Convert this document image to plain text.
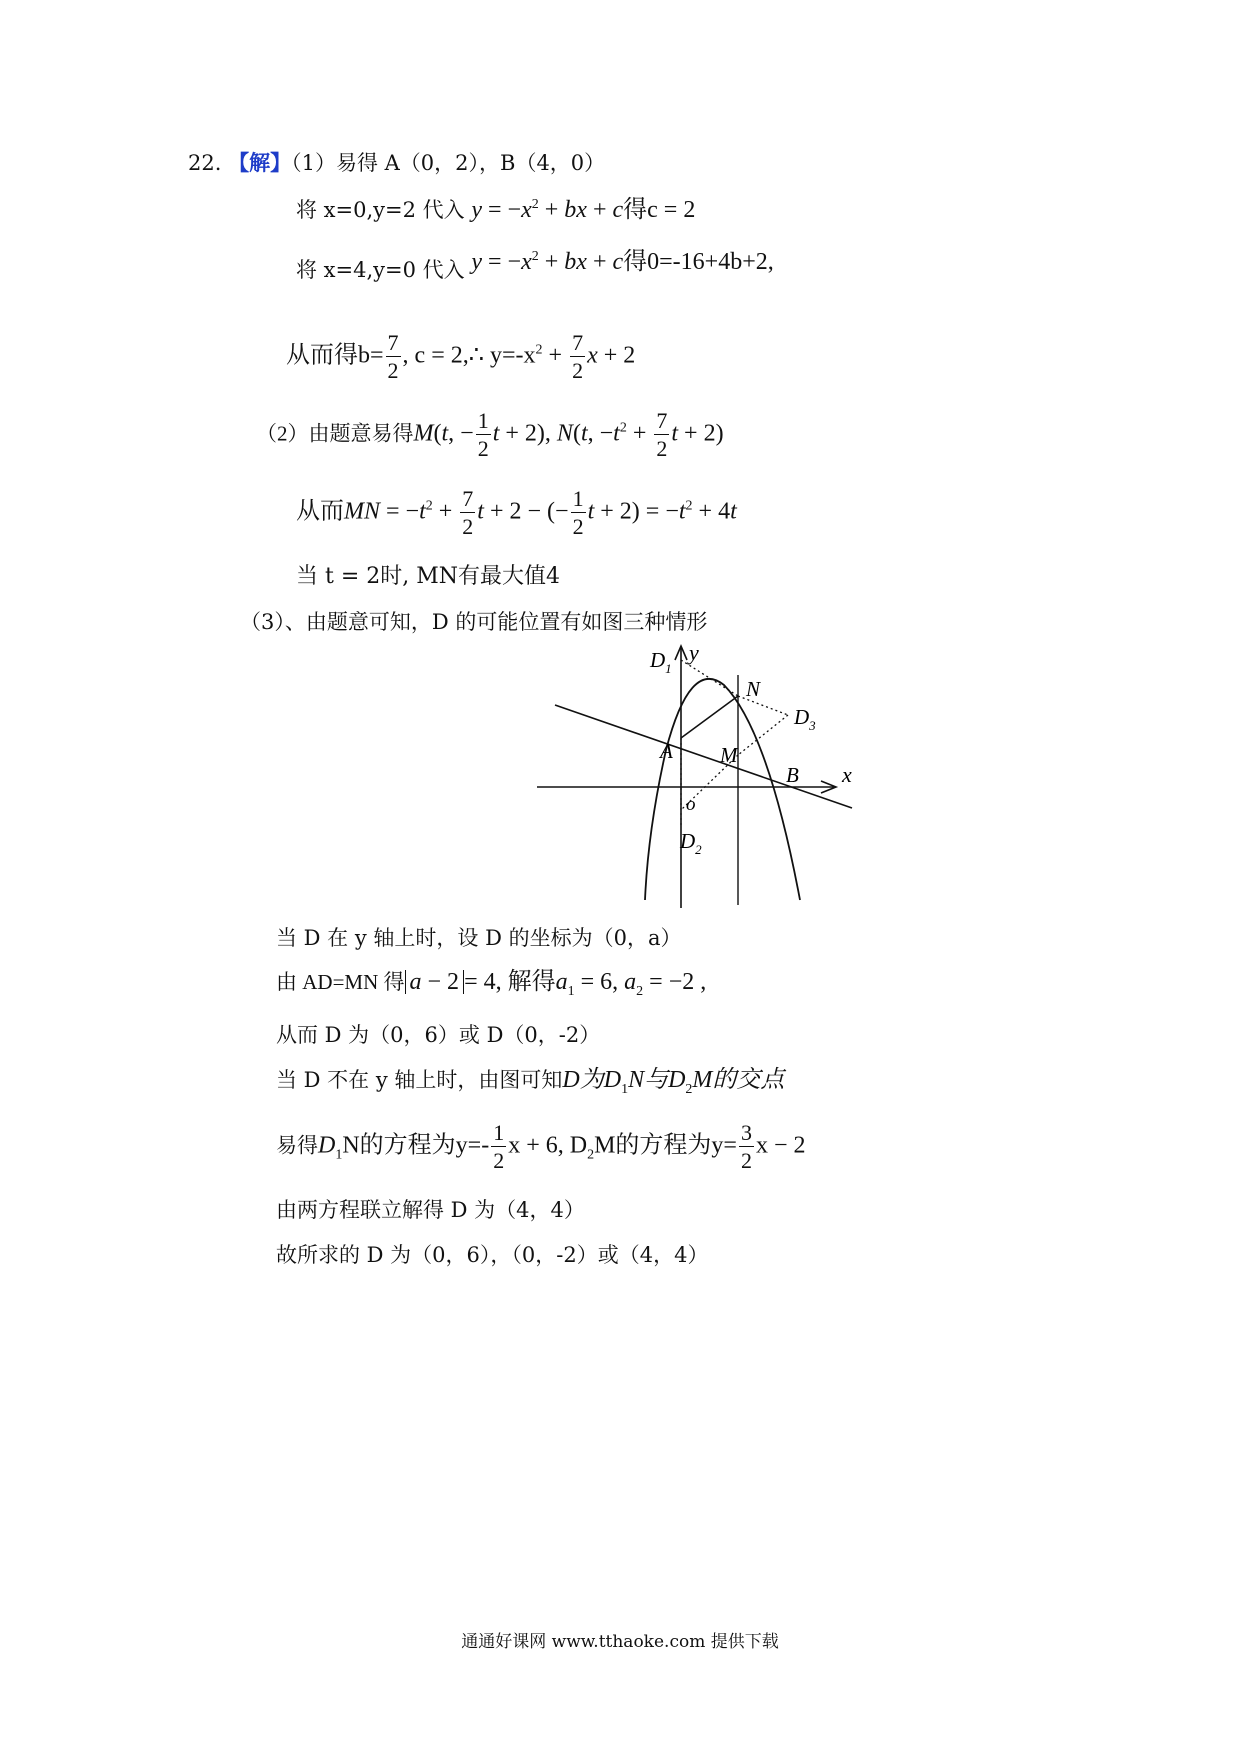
22. 【解】（1）易得 A（0，2），B（4，0）
将 x=0,y=2 代入 $y = -x^2$ + bx + c得c = 2
将 x=4,y=0 代入 $y = -x^2$ + bx + c得0=-16+4b+2,
从而得$b= \frac{7}{2}$ , c = 2,∴ $y=-x^2 + \frac{7}{2}$ x + 2
（2）由题意易得M(t, − $\frac{1}{2}$ t + 2), N(t, $-t^2 + \frac{7}{2}$ t + 2)
从而MN = $-t^2 + \frac{7}{2}$ t + 2 − (− $\frac{1}{2}$ $t + 2) = -t^2 + 4t$
当 t = 2时, MN有最大值4
（3）、由题意可知，D 的可能位置有如图三种情形
y
x
o
A
B
M
N
$D_1$
$D_2$
$D_3$
当 D 在 y 轴上时，设 D 的坐标为（0，a）
由 AD=MN 得 a − 2 = 4, 解得$a_1 = 6$, $a_2 = -2$ ,
从而 D 为（0，6）或 D（0，-2）
当 D 不在 y 轴上时，由图可知D为$D_1N$与$D_2M$的交点
易得$D_1N$的方程为$y=- \frac{1}{2}$ x + 6, $D_2M$的方程为$y= \frac{3}{2}$ x − 2
由两方程联立解得 D 为（4，4）
故所求的 D 为（0，6），（0，-2）或（4，4）
通通好课网 www.tthaoke.com 提供下载
